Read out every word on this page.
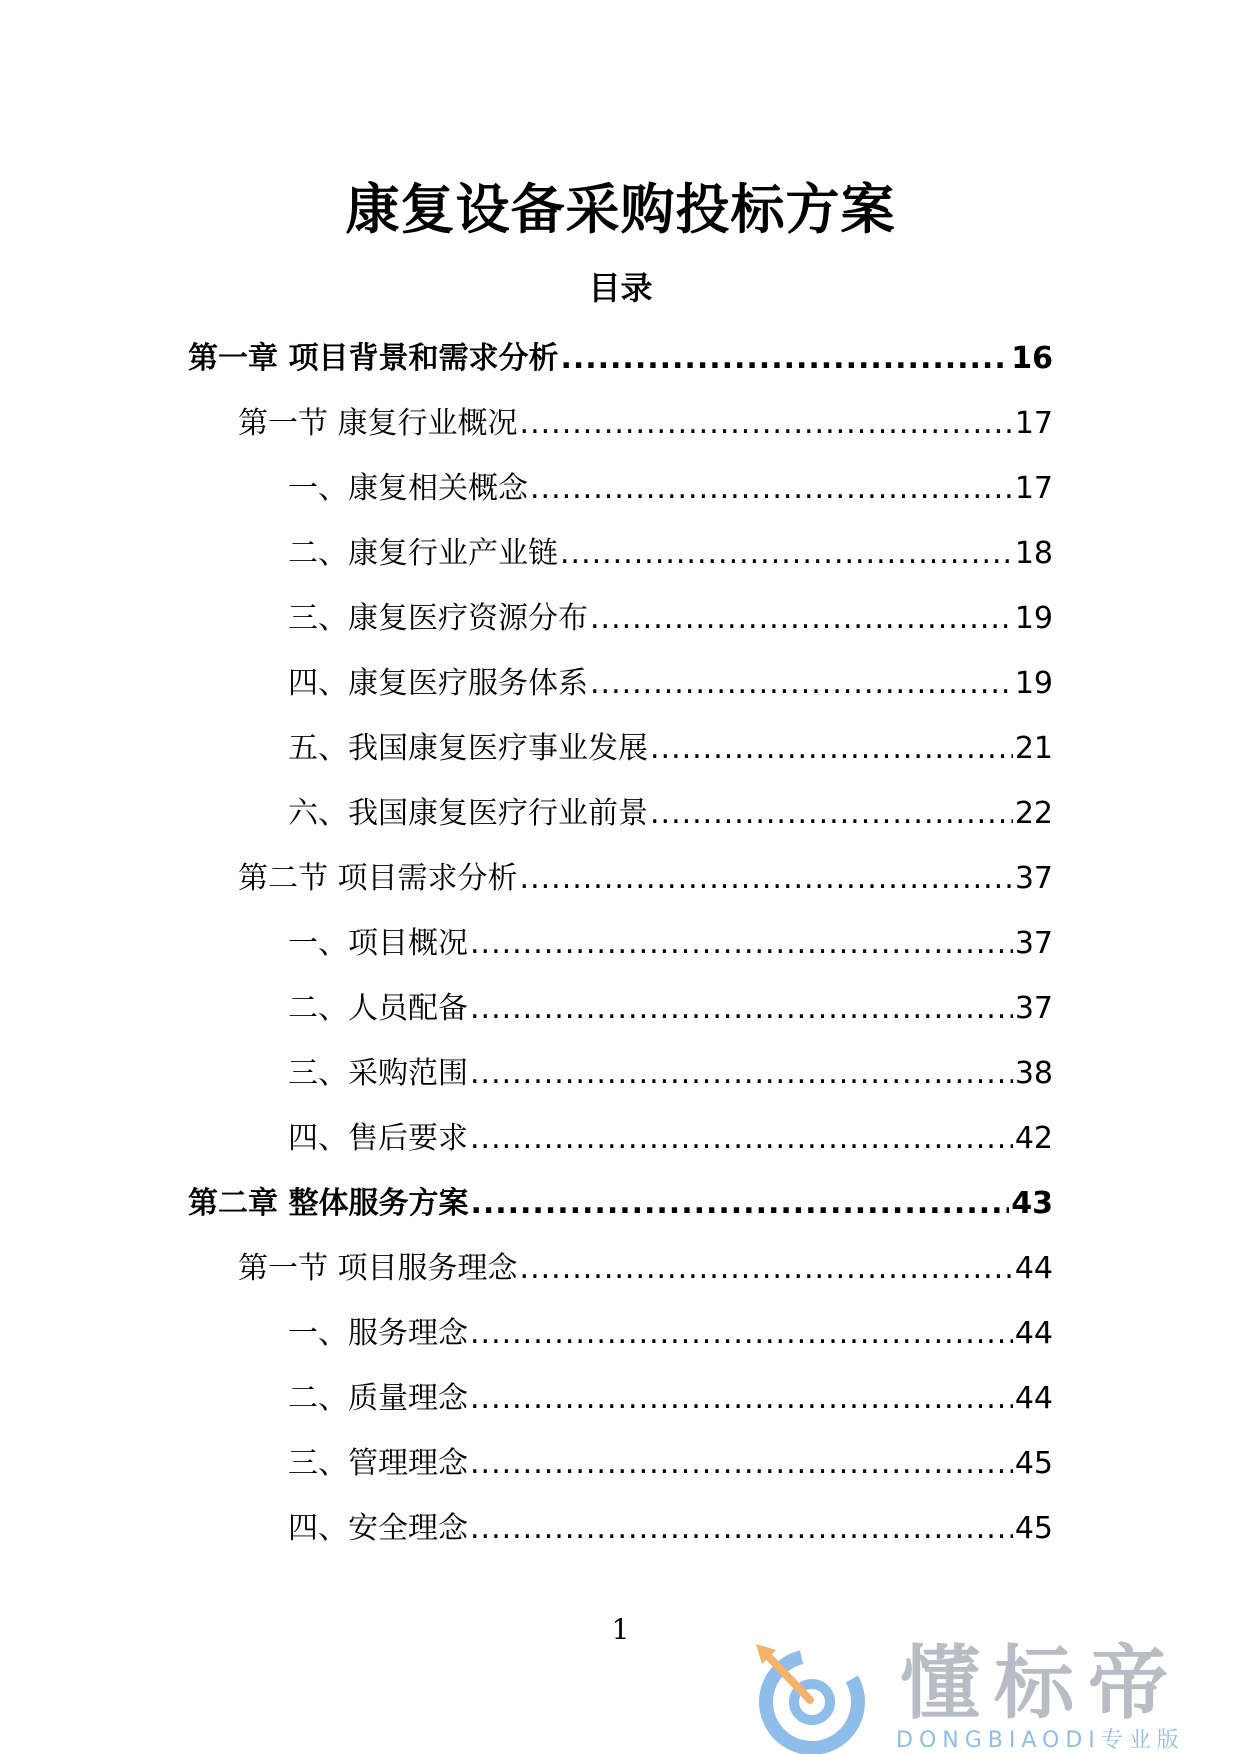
康复设备采购投标方案
目录
第一章 项目背景和需求分析 .....	16
第一节 康复行业概况 .....	17
一、康复相关概念 .....	17
二、康复行业产业链 .....	18
三、康复医疗资源分布 .....	19
四、康复医疗服务体系 .....	19
五、我国康复医疗事业发展 .....	21
六、我国康复医疗行业前景 .....	22
第二节 项目需求分析 .....	37
一、项目概况 .....	37
二、人员配备 .....	37
三、采购范围 .....	38
四、售后要求 .....	42
第二章 整体服务方案 .....	43
第一节 项目服务理念 .....	44
一、服务理念 .....	44
二、质量理念 .....	44
三、管理理念 .....	45
四、安全理念 .....	45
1
懂标帝
DONGBIAODI专业版
